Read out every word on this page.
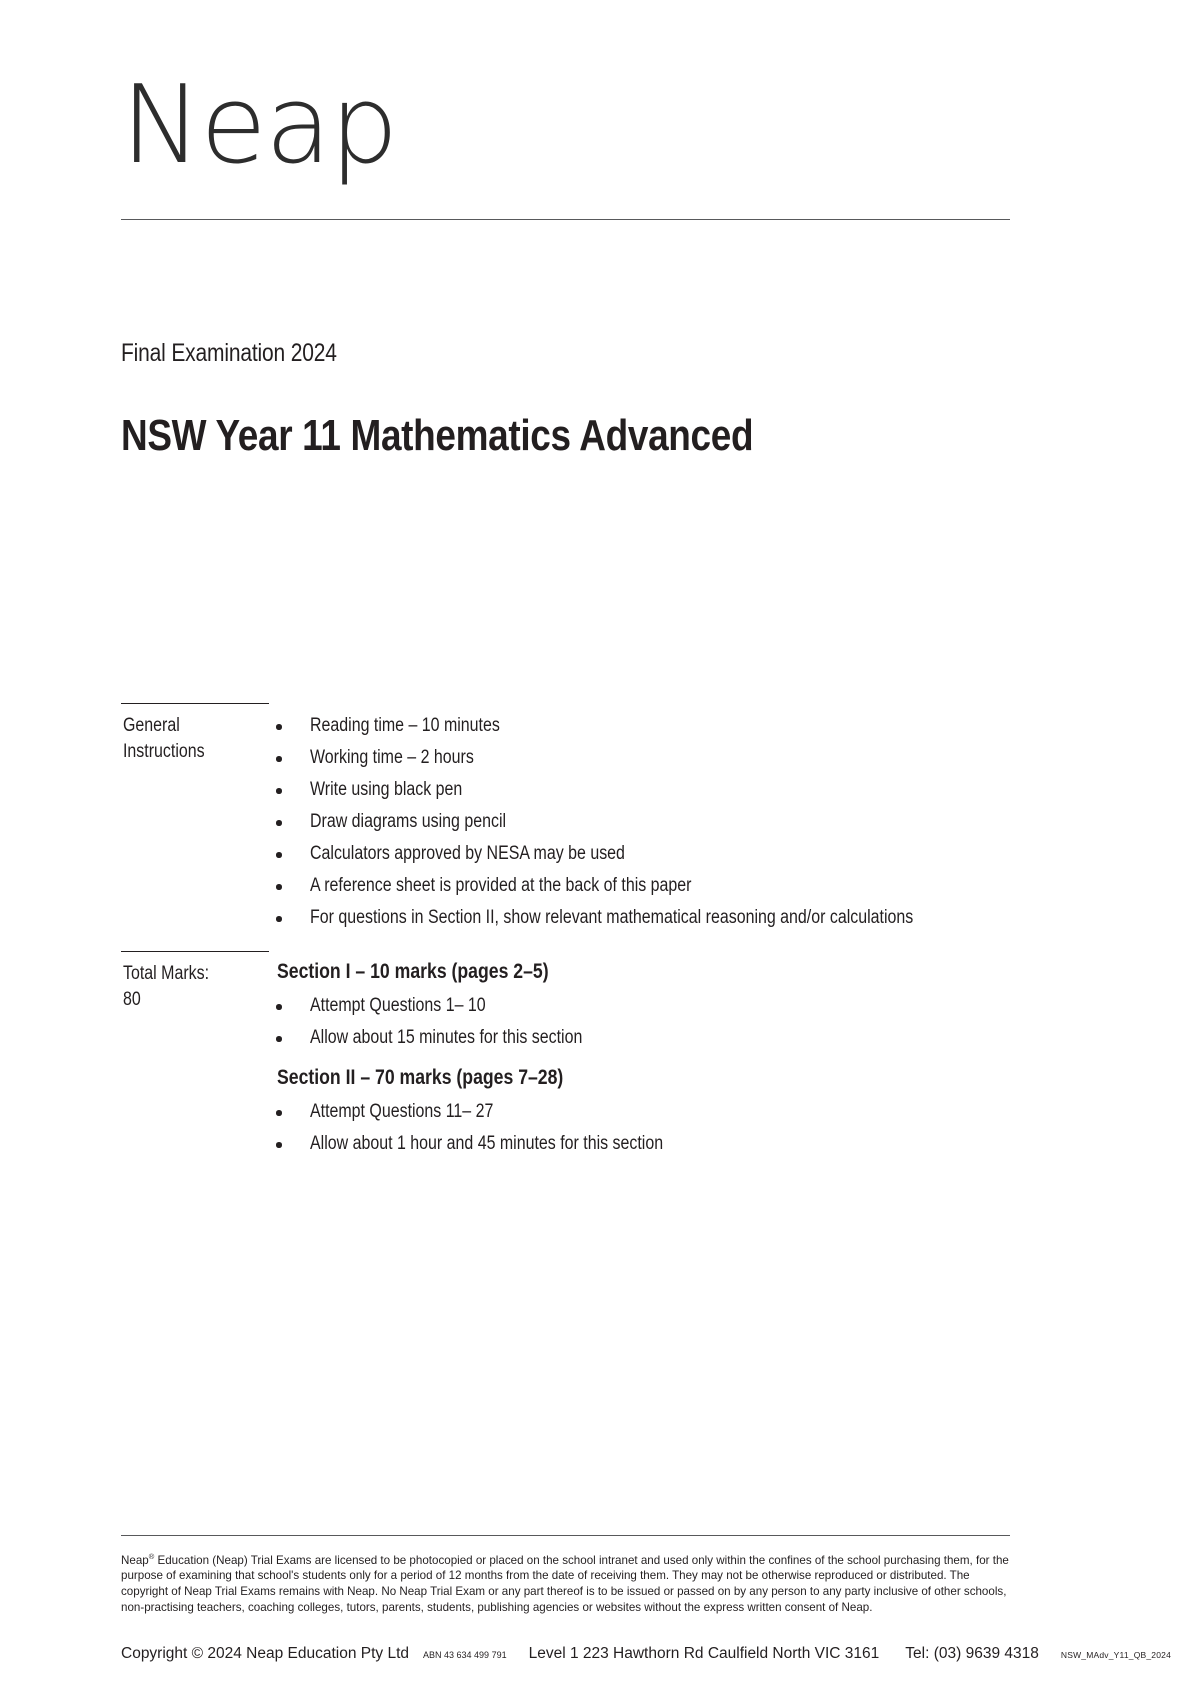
Neap
Final Examination 2024
NSW Year 11 Mathematics Advanced
General
Instructions
Reading time – 10 minutes
Working time – 2 hours
Write using black pen
Draw diagrams using pencil
Calculators approved by NESA may be used
A reference sheet is provided at the back of this paper
For questions in Section II, show relevant mathematical reasoning and/or calculations
Total Marks:
80
Section I – 10 marks (pages 2–5)
Attempt Questions 1– 10
Allow about 15 minutes for this section
Section II – 70 marks (pages 7–28)
Attempt Questions 11– 27
Allow about 1 hour and 45 minutes for this section
Neap® Education (Neap) Trial Exams are licensed to be photocopied or placed on the school intranet and used only within the confines of the school purchasing them, for the purpose of examining that school's students only for a period of 12 months from the date of receiving them. They may not be otherwise reproduced or distributed. The copyright of Neap Trial Exams remains with Neap. No Neap Trial Exam or any part thereof is to be issued or passed on by any person to any party inclusive of other schools, non-practising teachers, coaching colleges, tutors, parents, students, publishing agencies or websites without the express written consent of Neap.
Copyright © 2024 Neap Education Pty Ltd ABN 43 634 499 791 Level 1 223 Hawthorn Rd Caulfield North VIC 3161 Tel: (03) 9639 4318	NSW_MAdv_Y11_QB_2024
